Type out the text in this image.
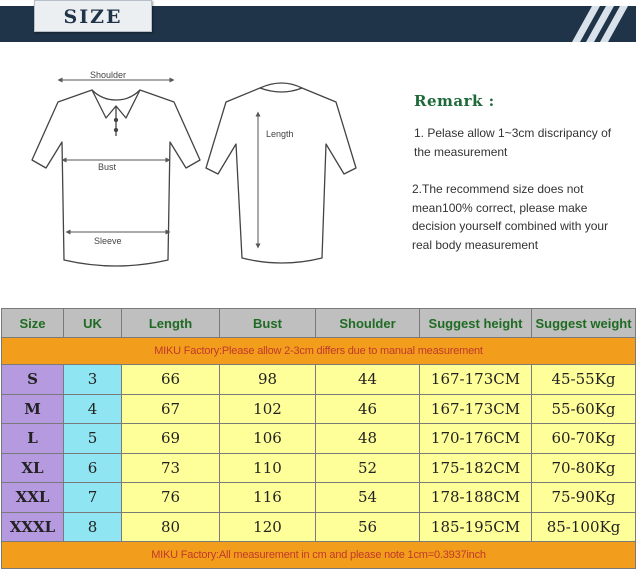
SIZE
Shoulder
Bust
Sleeve
Length
Remark :
1. Pelase allow 1~3cm discripancy of the measurement
2.The recommend size does not mean100% correct, please make decision yourself combined with your real body measurement
Size	UK	Length	Bust	Shoulder	Suggest height	Suggest weight
MIKU Factory:Please allow 2-3cm differs due to manual measurement						
S	3	66	98	44	167-173CM	45-55Kg
M	4	67	102	46	167-173CM	55-60Kg
L	5	69	106	48	170-176CM	60-70Kg
XL	6	73	110	52	175-182CM	70-80Kg
XXL	7	76	116	54	178-188CM	75-90Kg
XXXL	8	80	120	56	185-195CM	85-100Kg
MIKU Factory:All measurement in cm and please note 1cm=0.3937inch						
